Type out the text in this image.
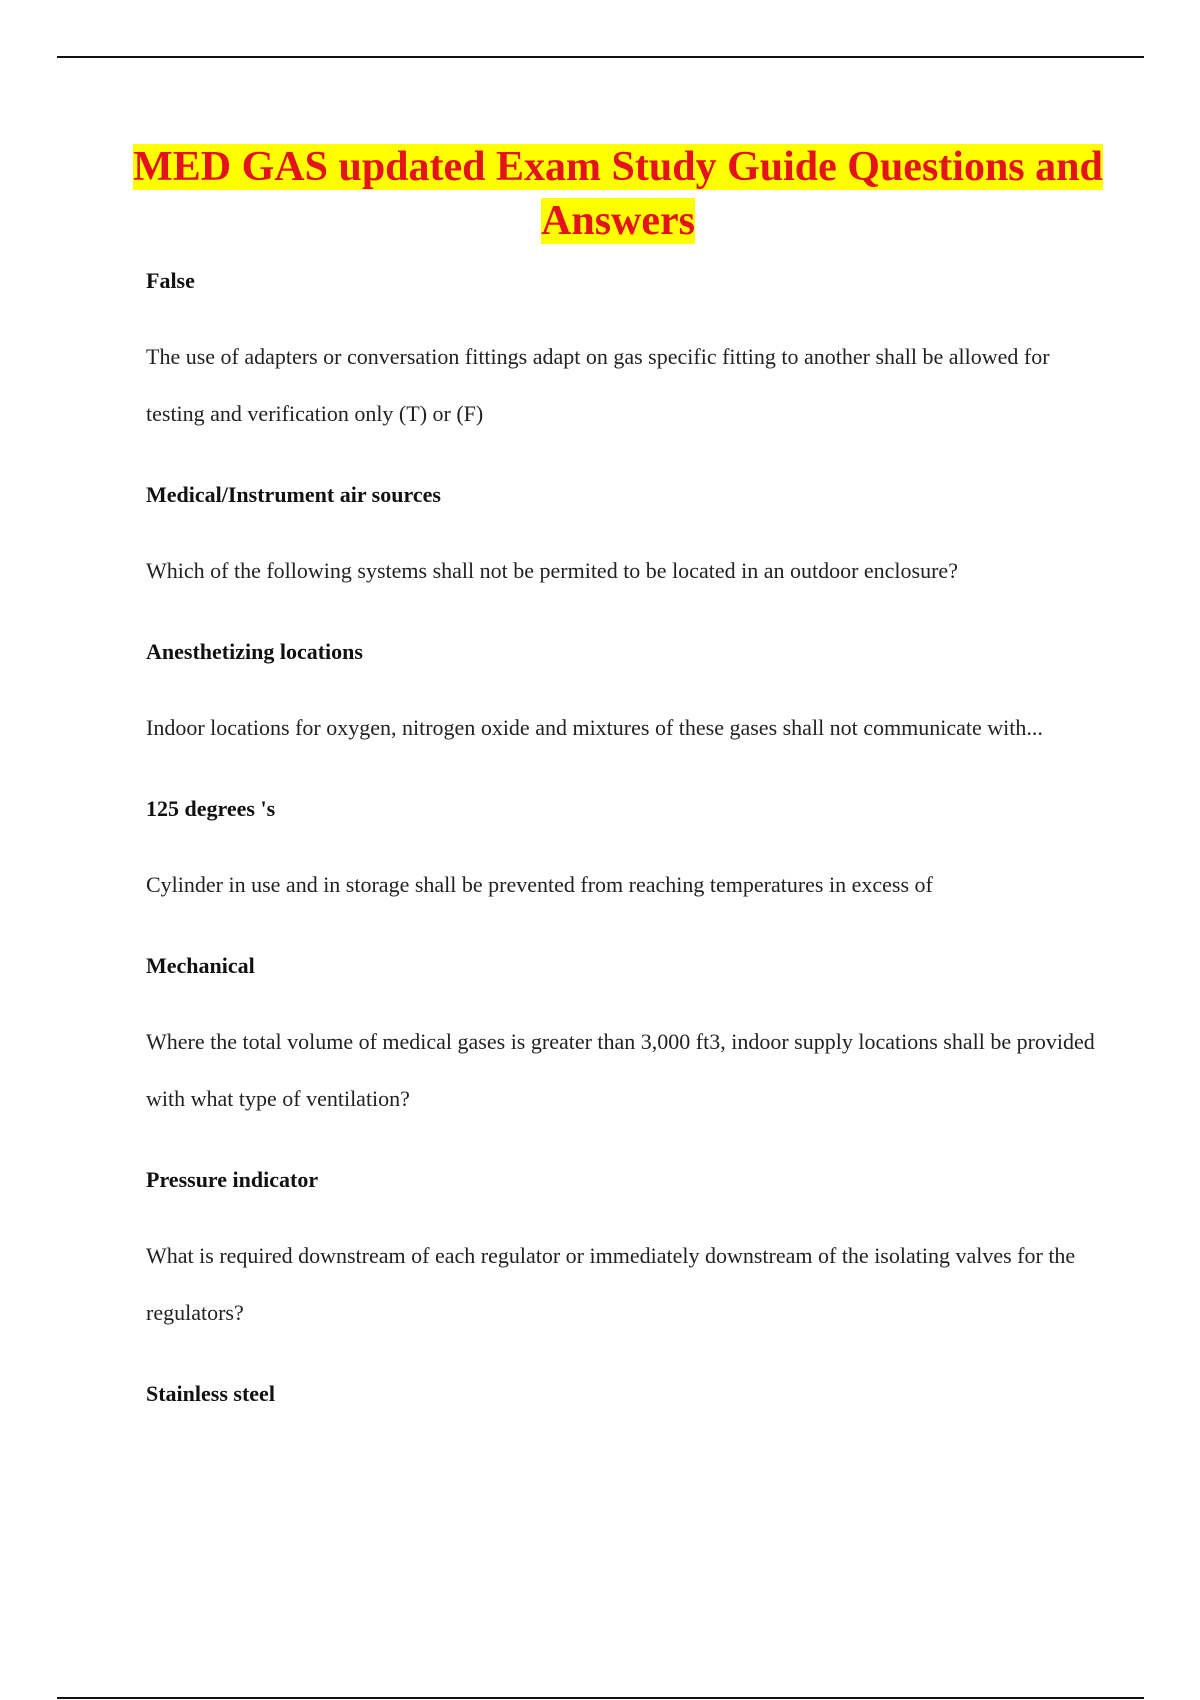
MED GAS updated Exam Study Guide Questions and Answers

False

The use of adapters or conversation fittings adapt on gas specific fitting to another shall be allowed for testing and verification only (T) or (F)

Medical/Instrument air sources

Which of the following systems shall not be permited to be located in an outdoor enclosure?

Anesthetizing locations

Indoor locations for oxygen, nitrogen oxide and mixtures of these gases shall not communicate with...

125 degrees 's

Cylinder in use and in storage shall be prevented from reaching temperatures in excess of

Mechanical

Where the total volume of medical gases is greater than 3,000 ft3, indoor supply locations shall be provided with what type of ventilation?

Pressure indicator

What is required downstream of each regulator or immediately downstream of the isolating valves for the regulators?

Stainless steel
